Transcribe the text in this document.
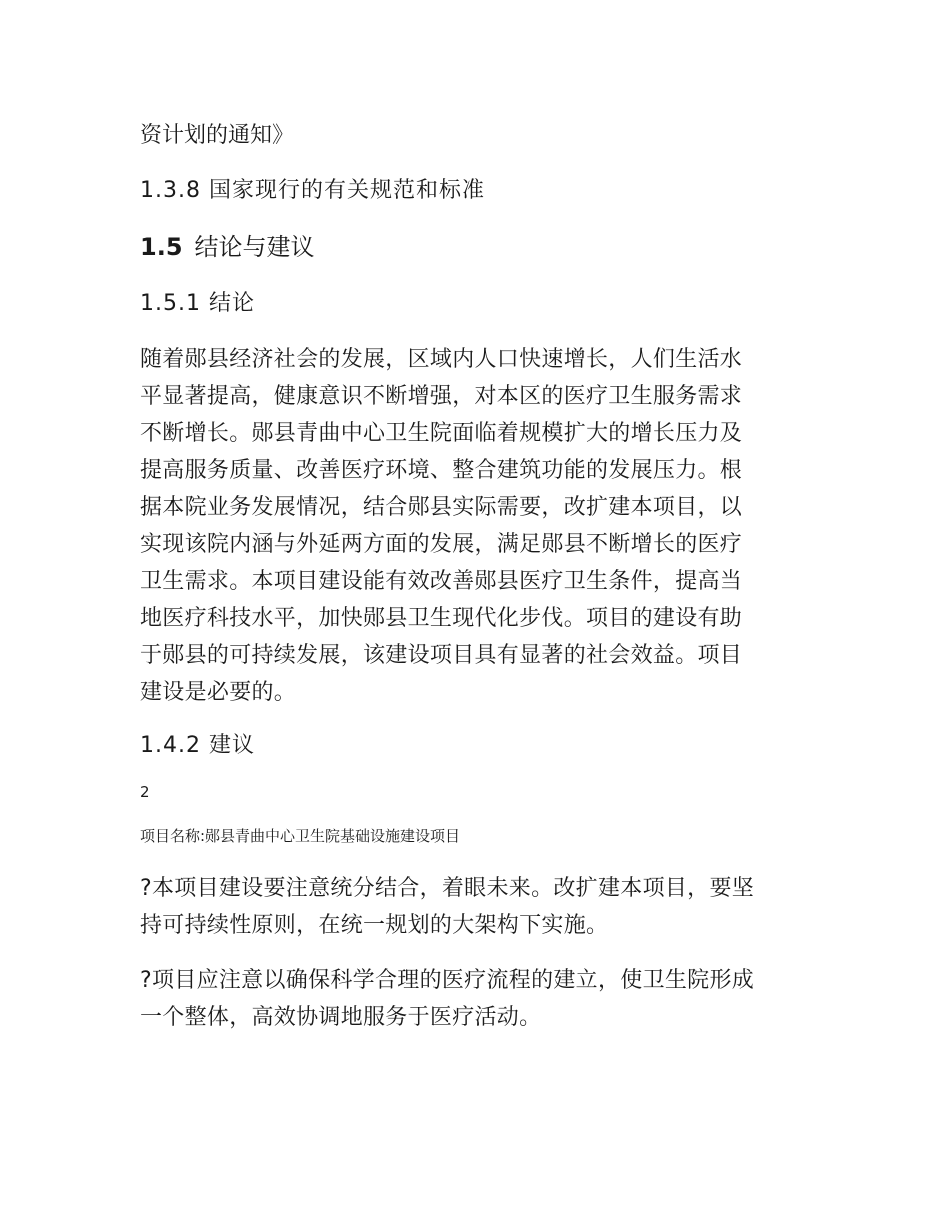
资计划的通知》

1.3.8 国家现行的有关规范和标准

1.5 结论与建议

1.5.1 结论

随着郧县经济社会的发展，区域内人口快速增长，人们生活水
平显著提高，健康意识不断增强，对本区的医疗卫生服务需求
不断增长。郧县青曲中心卫生院面临着规模扩大的增长压力及
提高服务质量、改善医疗环境、整合建筑功能的发展压力。根
据本院业务发展情况，结合郧县实际需要，改扩建本项目，以
实现该院内涵与外延两方面的发展，满足郧县不断增长的医疗
卫生需求。本项目建设能有效改善郧县医疗卫生条件，提高当
地医疗科技水平，加快郧县卫生现代化步伐。项目的建设有助
于郧县的可持续发展，该建设项目具有显著的社会效益。项目
建设是必要的。

1.4.2 建议

2

项目名称:郧县青曲中心卫生院基础设施建设项目

?本项目建设要注意统分结合，着眼未来。改扩建本项目，要坚
持可持续性原则，在统一规划的大架构下实施。
?项目应注意以确保科学合理的医疗流程的建立，使卫生院形成
一个整体，高效协调地服务于医疗活动。
